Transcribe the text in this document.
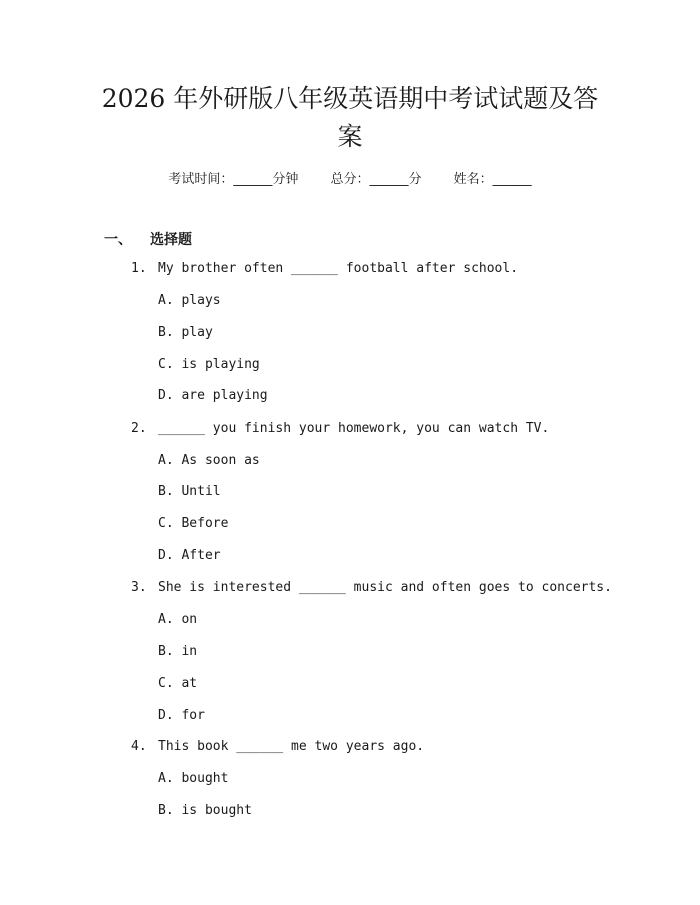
2026 年外研版八年级英语期中考试试题及答案
考试时间：______分钟 总分：______分 姓名：______
一、 选择题
1. My brother often ______ football after school.
A. plays
B. play
C. is playing
D. are playing
2. ______ you finish your homework, you can watch TV.
A. As soon as
B. Until
C. Before
D. After
3. She is interested ______ music and often goes to concerts.
A. on
B. in
C. at
D. for
4. This book ______ me two years ago.
A. bought
B. is bought
